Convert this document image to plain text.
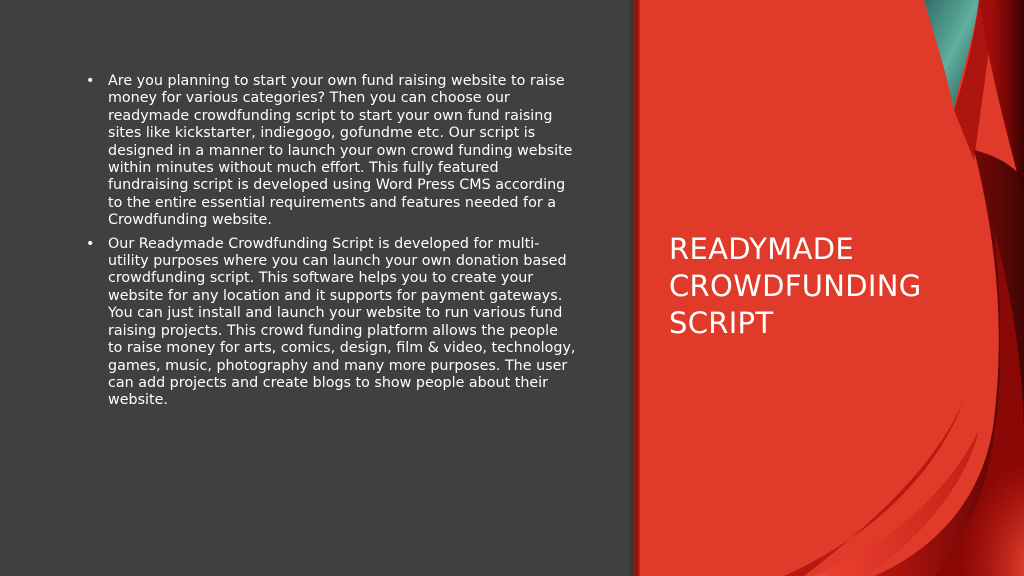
• Are you planning to start your own fund raising website to raise money for various categories? Then you can choose our readymade crowdfunding script to start your own fund raising sites like kickstarter, indiegogo, gofundme etc. Our script is designed in a manner to launch your own crowd funding website within minutes without much effort. This fully featured fundraising script is developed using Word Press CMS according to the entire essential requirements and features needed for a Crowdfunding website.
• Our Readymade Crowdfunding Script is developed for multi-utility purposes where you can launch your own donation based crowdfunding script. This software helps you to create your website for any location and it supports for payment gateways. You can just install and launch your website to run various fund raising projects. This crowd funding platform allows the people to raise money for arts, comics, design, film & video, technology, games, music, photography and many more purposes. The user can add projects and create blogs to show people about their website.
READYMADE
CROWDFUNDING
SCRIPT
